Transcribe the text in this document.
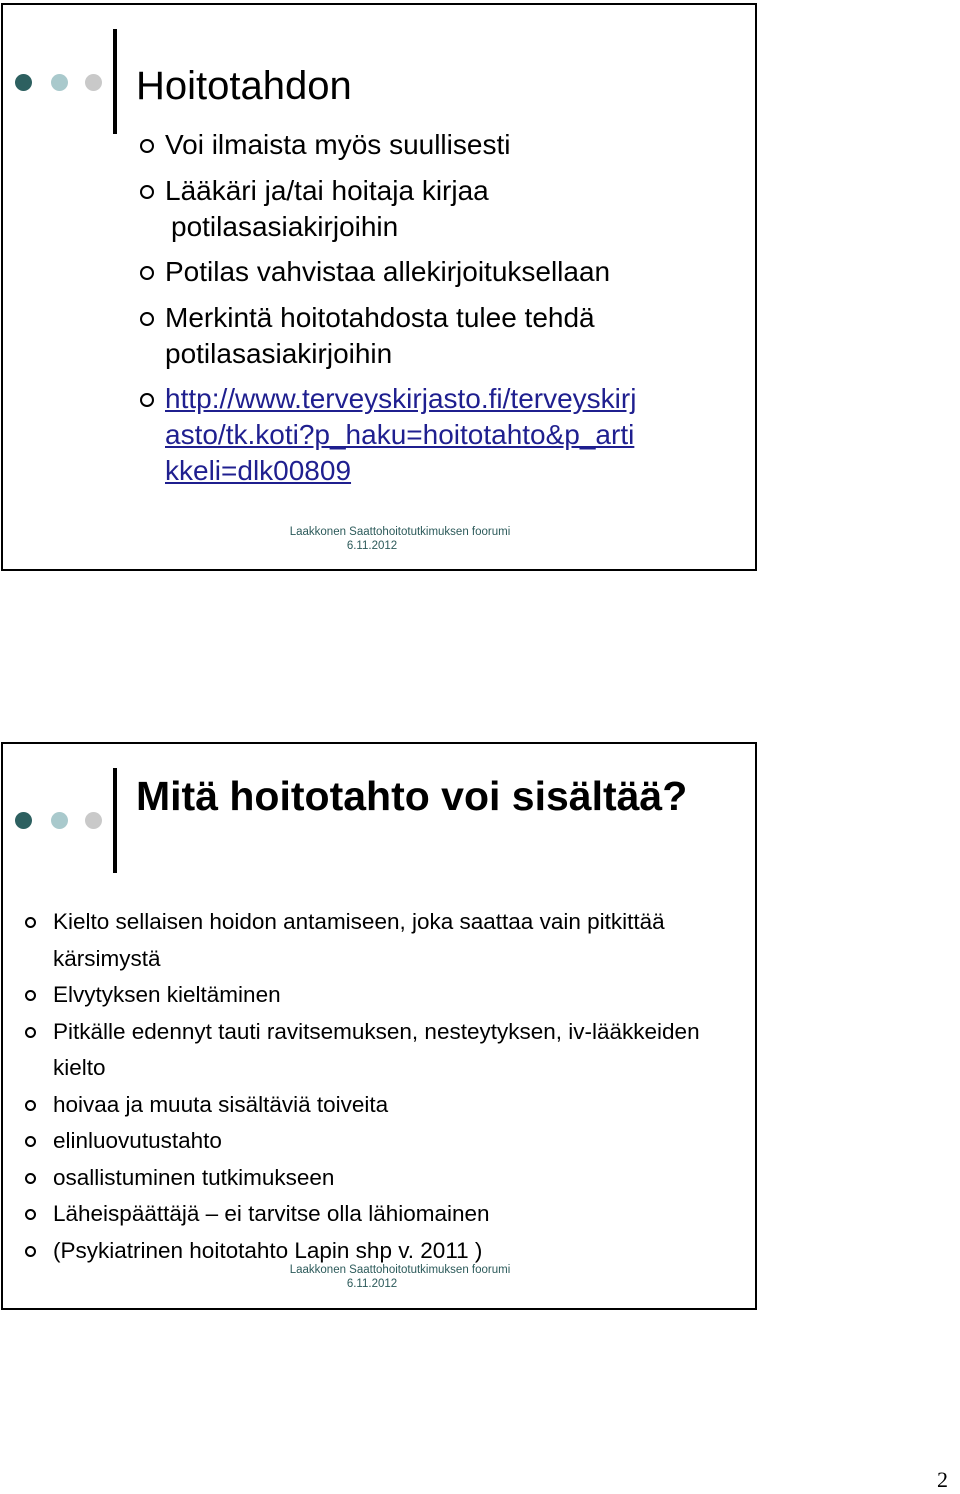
Hoitotahdon
Voi ilmaista myös suullisesti
Lääkäri ja/tai hoitaja kirjaa
potilasasiakirjoihin
Potilas vahvistaa allekirjoituksellaan
Merkintä hoitotahdosta tulee tehdä potilasasiakirjoihin
http://www.terveyskirjasto.fi/terveyskirj asto/tk.koti?p_haku=hoitotahto&p_arti kkeli=dlk00809
Laakkonen Saattohoitotutkimuksen foorumi
6.11.2012
Mitä hoitotahto voi sisältää?
Kielto sellaisen hoidon antamiseen, joka saattaa vain pitkittää kärsimystä
Elvytyksen kieltäminen
Pitkälle edennyt tauti ravitsemuksen, nesteytyksen, iv-lääkkeiden kielto
hoivaa ja muuta sisältäviä toiveita
elinluovutustahto
osallistuminen tutkimukseen
Läheispäättäjä – ei tarvitse olla lähiomainen
(Psykiatrinen hoitotahto Lapin shp v. 2011 )
Laakkonen Saattohoitotutkimuksen foorumi
6.11.2012
2
